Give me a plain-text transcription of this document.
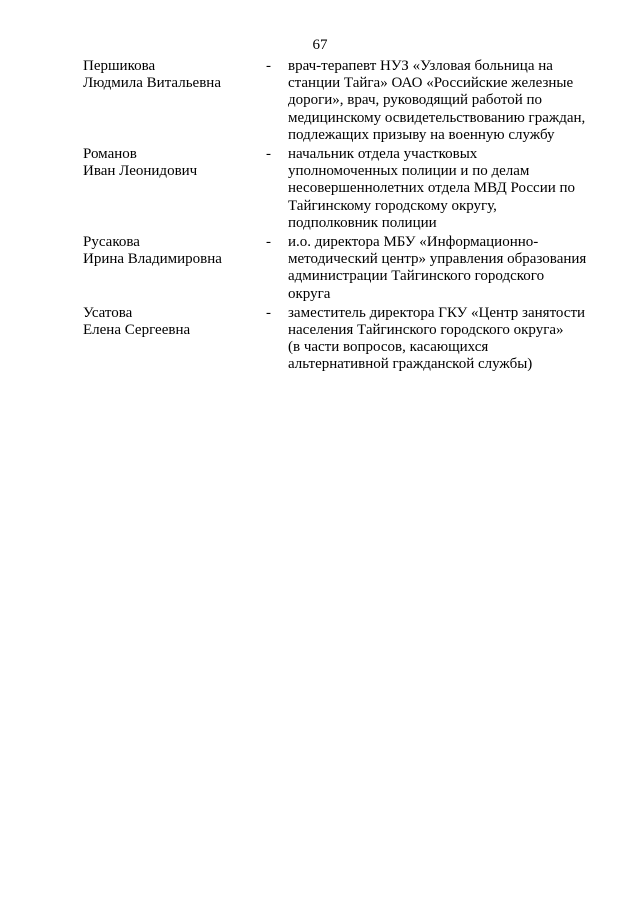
67
Першикова
Людмила Витальевна
- врач-терапевт НУЗ «Узловая больница на
станции Тайга» ОАО «Российские железные
дороги», врач, руководящий работой по
медицинскому освидетельствованию граждан,
подлежащих призыву на военную службу
Романов
Иван Леонидович
- начальник отдела участковых
уполномоченных полиции и по делам
несовершеннолетних отдела МВД России по
Тайгинскому городскому округу,
подполковник полиции
Русакова
Ирина Владимировна
- и.о. директора МБУ «Информационно-
методический центр» управления образования
администрации Тайгинского городского
округа
Усатова
Елена Сергеевна
- заместитель директора ГКУ «Центр занятости
населения Тайгинского городского округа»
(в части вопросов, касающихся
альтернативной гражданской службы)
